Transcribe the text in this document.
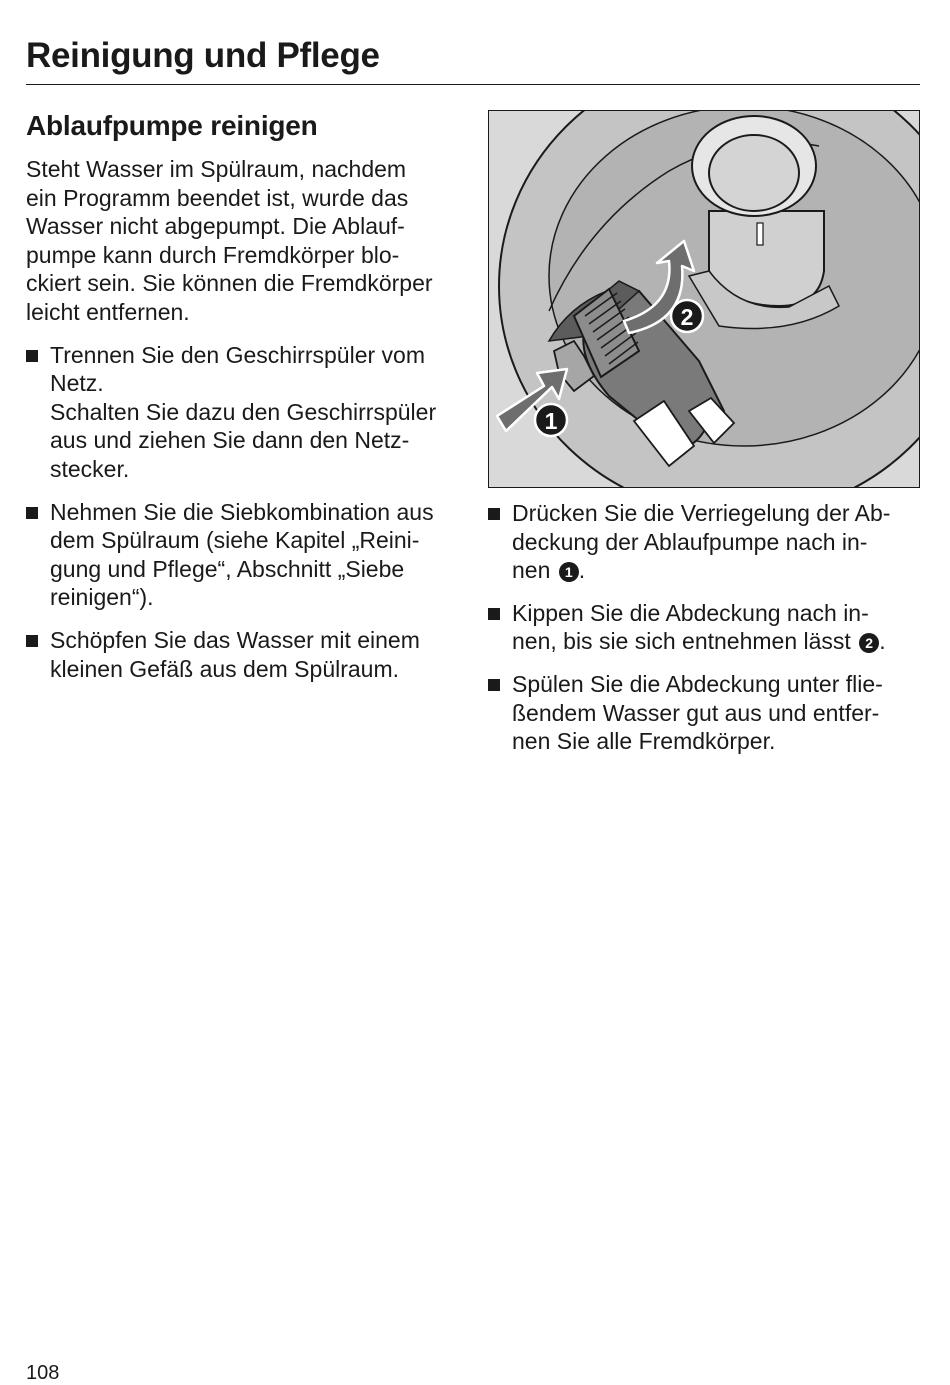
Reinigung und Pflege
Ablaufpumpe reinigen

Steht Wasser im Spülraum, nachdem
ein Programm beendet ist, wurde das
Wasser nicht abgepumpt. Die Ablauf-
pumpe kann durch Fremdkörper blo-
ckiert sein. Sie können die Fremdkörper
leicht entfernen.

Trennen Sie den Geschirrspüler vom
Netz.
Schalten Sie dazu den Geschirrspüler
aus und ziehen Sie dann den Netz-
stecker.
Nehmen Sie die Siebkombination aus
dem Spülraum (siehe Kapitel „Reini-
gung und Pflege“, Abschnitt „Siebe
reinigen“).
Schöpfen Sie das Wasser mit einem
kleinen Gefäß aus dem Spülraum.
1
2
Drücken Sie die Verriegelung der Ab-
deckung der Ablaufpumpe nach in-
nen 1 .
Kippen Sie die Abdeckung nach in-
nen, bis sie sich entnehmen lässt 2 .
Spülen Sie die Abdeckung unter flie-
ßendem Wasser gut aus und entfer-
nen Sie alle Fremdkörper.
108
